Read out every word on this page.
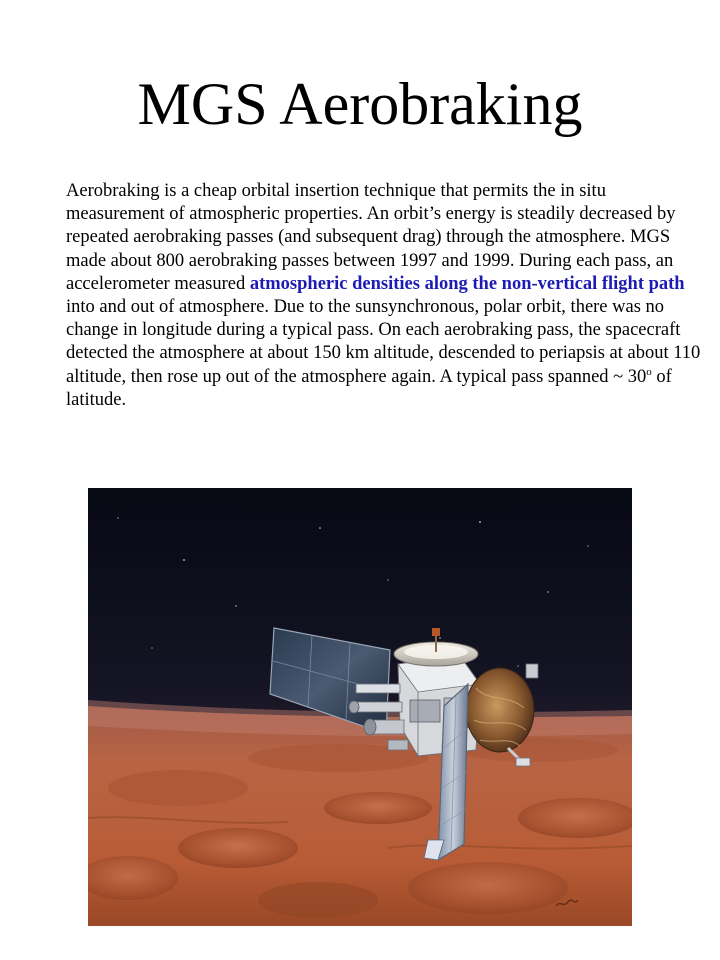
MGS Aerobraking

Aerobraking is a cheap orbital insertion technique that permits the in situ measurement of atmospheric properties. An orbit’s energy is steadily decreased by repeated aerobraking passes (and subsequent drag) through the atmosphere. MGS made about 800 aerobraking passes between 1997 and 1999. During each pass, an accelerometer measured atmospheric densities along the non-vertical flight path into and out of atmosphere. Due to the sunsynchronous, polar orbit, there was no change in longitude during a typical pass. On each aerobraking pass, the spacecraft detected the atmosphere at about 150 km altitude, descended to periapsis at about 110 altitude, then rose up out of the atmosphere again. A typical pass spanned ~ 30$^o$ of latitude.
